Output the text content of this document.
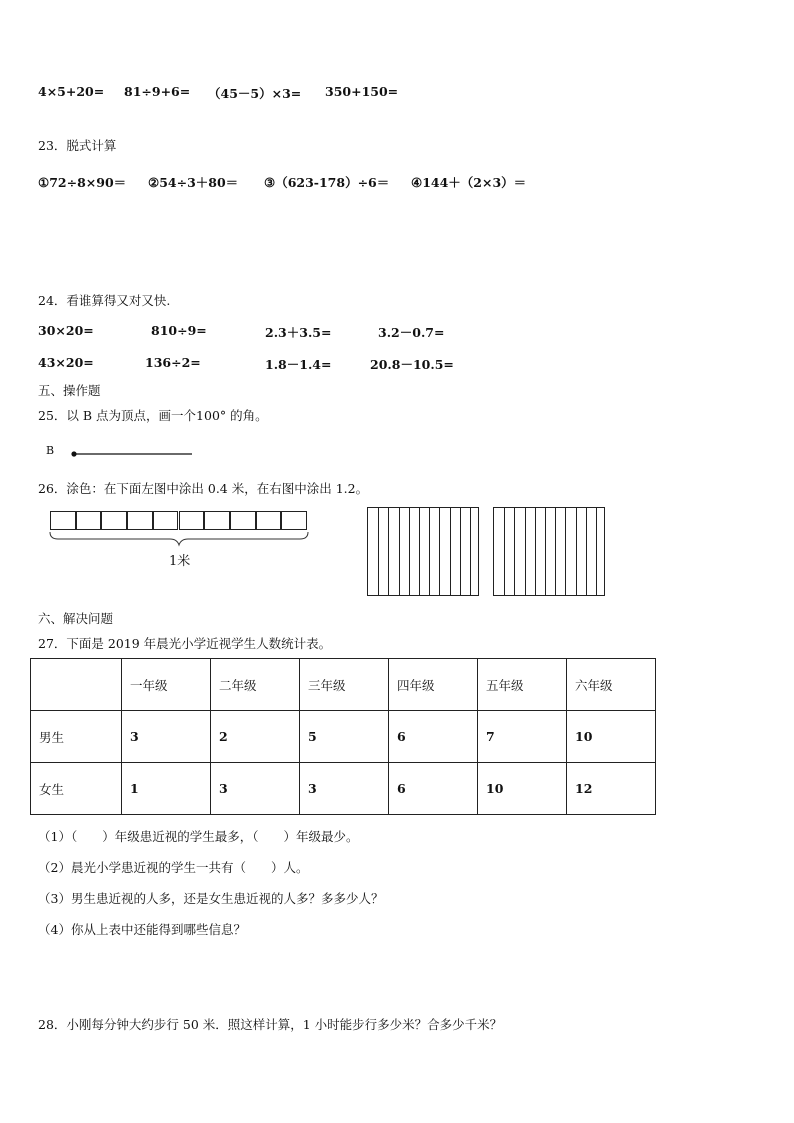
4×5+20= 81÷9+6= （45－5）×3= 350+150=
23．脱式计算
①72÷8×90＝ ②54÷3＋80＝ ③（623-178）÷6＝ ④144＋（2×3）＝
24．看谁算得又对又快.
30×20=	810÷9=	2.3＋3.5=	3.2－0.7=
43×20=	136÷2=	1.8－1.4=	20.8－10.5=
五、操作题
25．以 B 点为顶点，画一个100° 的角。
B
26．涂色：在下面左图中涂出 0.4 米，在右图中涂出 1.2。
1米
六、解决问题
27．下面是 2019 年晨光小学近视学生人数统计表。
	一年级	二年级	三年级	四年级	五年级	六年级
男生	3	2	5	6	7	10
女生	1	3	3	6	10	12
（1）（　　）年级患近视的学生最多，（　　）年级最少。
（2）晨光小学患近视的学生一共有（　　）人。
（3）男生患近视的人多，还是女生患近视的人多？多多少人？
（4）你从上表中还能得到哪些信息？
28．小刚每分钟大约步行 50 米．照这样计算，1 小时能步行多少米？合多少千米？
